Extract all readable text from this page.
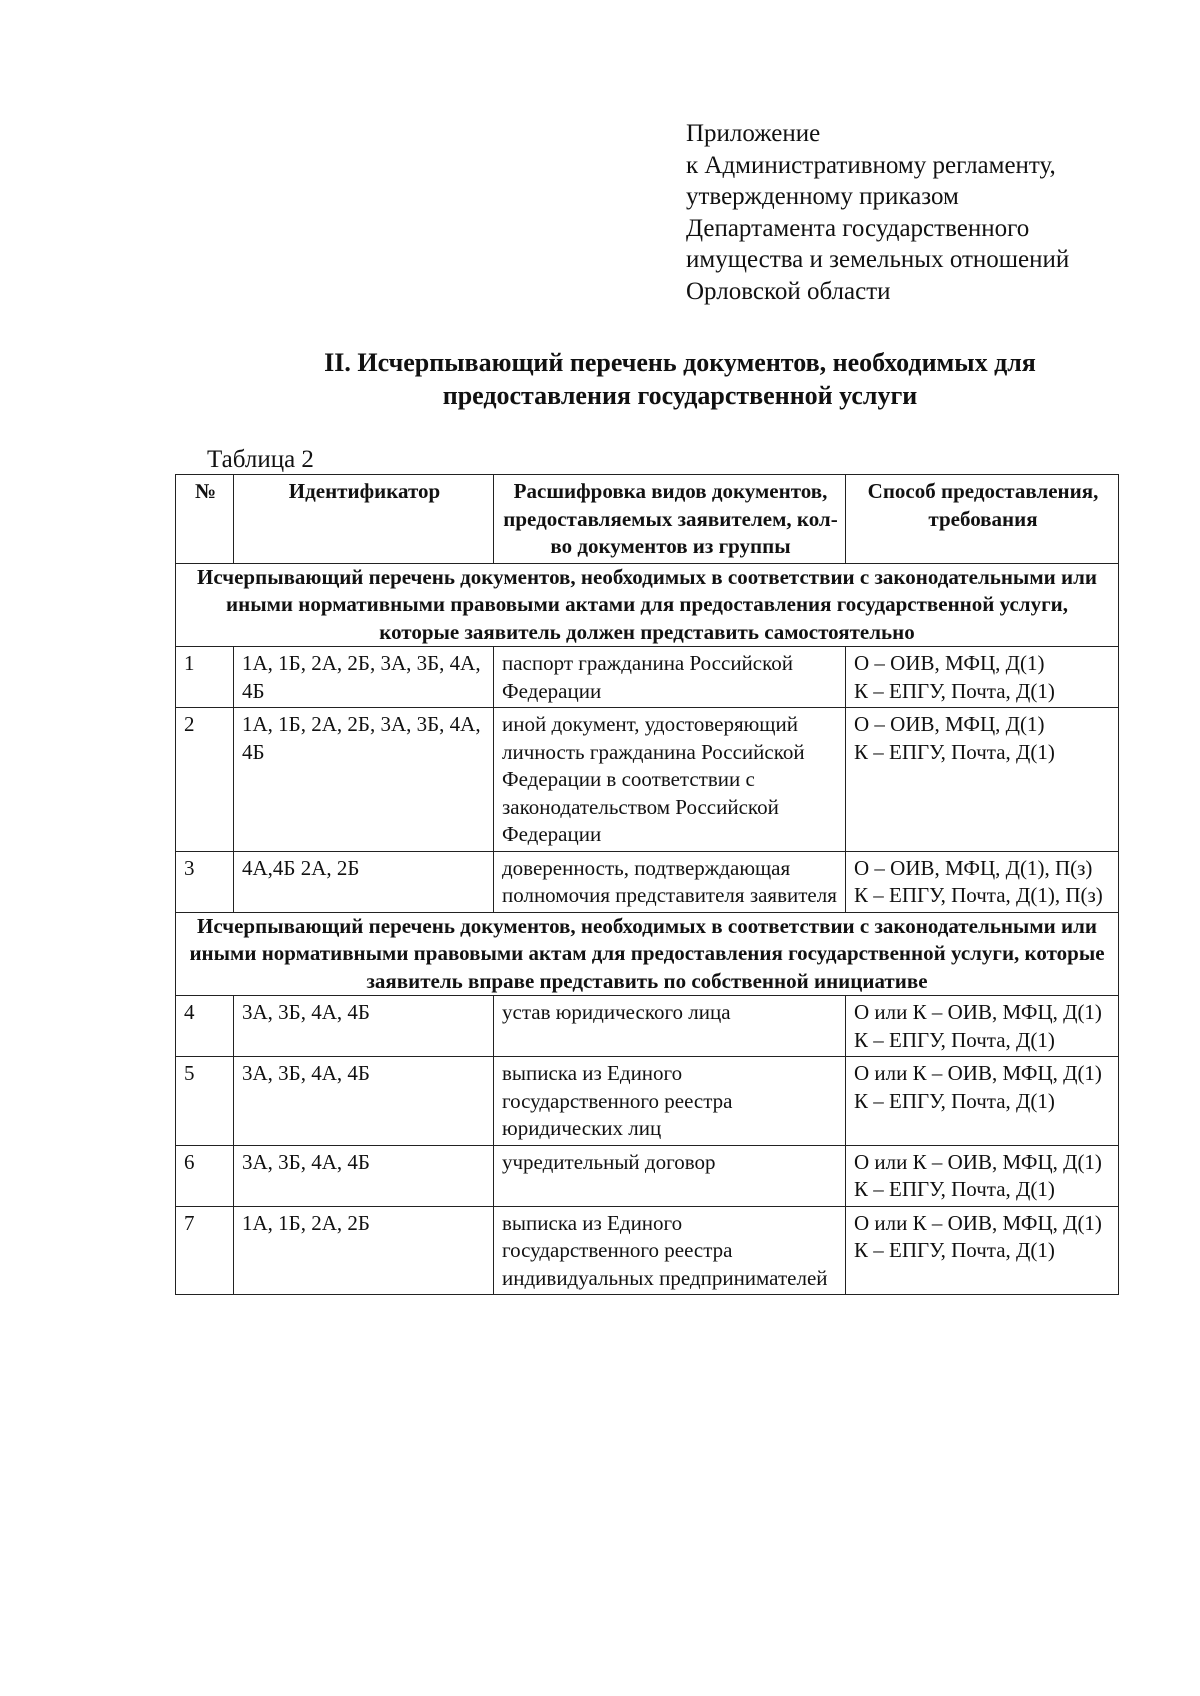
Приложение
к Административному регламенту,
утвержденному приказом
Департамента государственного
имущества и земельных отношений
Орловской области
II. Исчерпывающий перечень документов, необходимых для
предоставления государственной услуги
Таблица 2
№	Идентификатор	Расшифровка видов документов, предоставляемых заявителем, кол-во документов из группы	Способ предоставления, требования
Исчерпывающий перечень документов, необходимых в соответствии с законодательными или иными нормативными правовыми актами для предоставления государственной услуги, которые заявитель должен представить самостоятельно			
1	1А, 1Б, 2А, 2Б, 3А, 3Б, 4А, 4Б	паспорт гражданина Российской Федерации	О – ОИВ, МФЦ, Д(1)
К – ЕПГУ, Почта, Д(1)

2	1А, 1Б, 2А, 2Б, 3А, 3Б, 4А, 4Б	иной документ, удостоверяющий личность гражданина Российской Федерации в соответствии с законодательством Российской Федерации	О – ОИВ, МФЦ, Д(1)
К – ЕПГУ, Почта, Д(1)

3	4А,4Б 2А, 2Б	доверенность, подтверждающая полномочия представителя заявителя	О – ОИВ, МФЦ, Д(1), П(з)
К – ЕПГУ, Почта, Д(1), П(з)

Исчерпывающий перечень документов, необходимых в соответствии с законодательными или иными нормативными правовыми актам для предоставления государственной услуги, которые заявитель вправе представить по собственной инициативе			
4	3А, 3Б, 4А, 4Б	устав юридического лица	О или К – ОИВ, МФЦ, Д(1)
К – ЕПГУ, Почта, Д(1)

5	3А, 3Б, 4А, 4Б	выписка из Единого государственного реестра юридических лиц	О или К – ОИВ, МФЦ, Д(1)
К – ЕПГУ, Почта, Д(1)

6	3А, 3Б, 4А, 4Б	учредительный договор	О или К – ОИВ, МФЦ, Д(1)
К – ЕПГУ, Почта, Д(1)

7	1А, 1Б, 2А, 2Б	выписка из Единого государственного реестра индивидуальных предпринимателей	О или К – ОИВ, МФЦ, Д(1)
К – ЕПГУ, Почта, Д(1)
